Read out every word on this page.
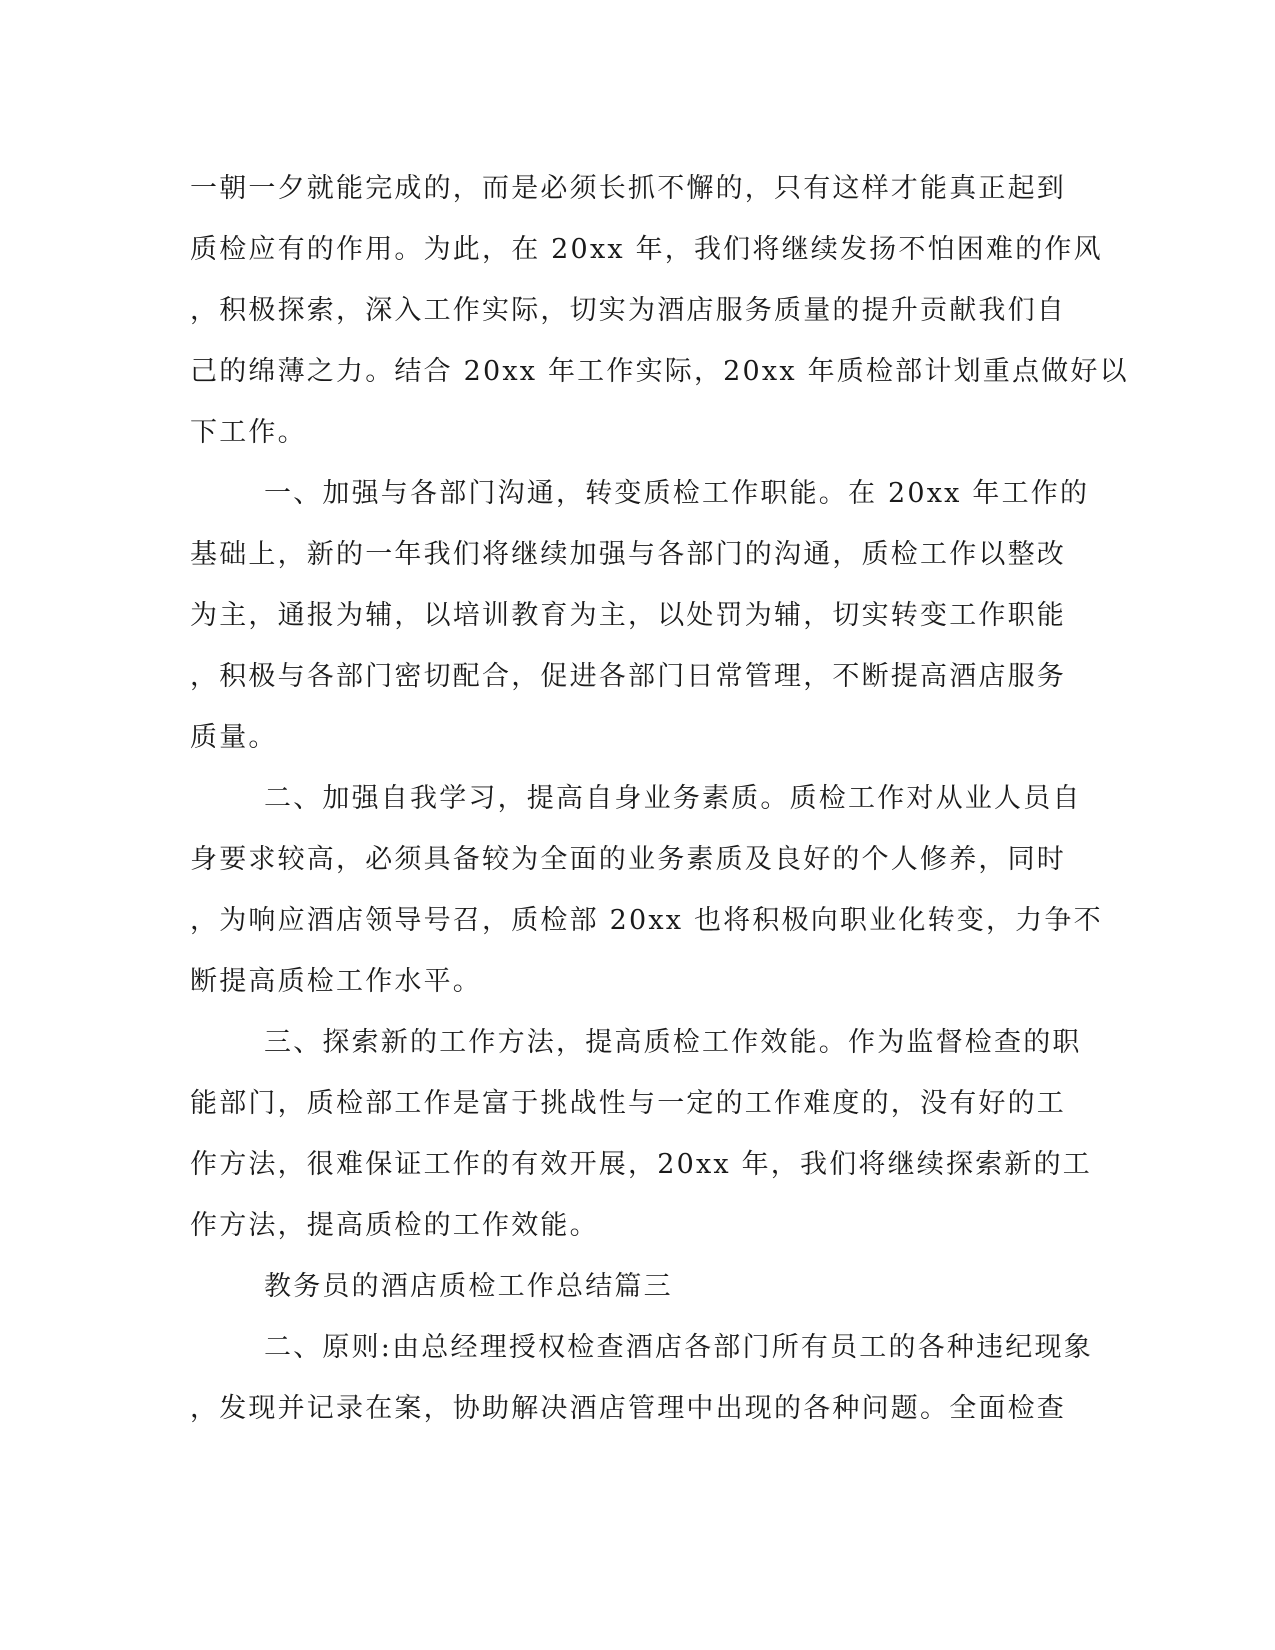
一朝一夕就能完成的，而是必须长抓不懈的，只有这样才能真正起到
质检应有的作用。为此，在 20xx 年，我们将继续发扬不怕困难的作风
，积极探索，深入工作实际，切实为酒店服务质量的提升贡献我们自
己的绵薄之力。结合 20xx 年工作实际，20xx 年质检部计划重点做好以
下工作。
一、加强与各部门沟通，转变质检工作职能。在 20xx 年工作的
基础上，新的一年我们将继续加强与各部门的沟通，质检工作以整改
为主，通报为辅，以培训教育为主，以处罚为辅，切实转变工作职能
，积极与各部门密切配合，促进各部门日常管理，不断提高酒店服务
质量。
二、加强自我学习，提高自身业务素质。质检工作对从业人员自
身要求较高，必须具备较为全面的业务素质及良好的个人修养，同时
，为响应酒店领导号召，质检部 20xx 也将积极向职业化转变，力争不
断提高质检工作水平。
三、探索新的工作方法，提高质检工作效能。作为监督检查的职
能部门，质检部工作是富于挑战性与一定的工作难度的，没有好的工
作方法，很难保证工作的有效开展，20xx 年，我们将继续探索新的工
作方法，提高质检的工作效能。
教务员的酒店质检工作总结篇三
二、原则:由总经理授权检查酒店各部门所有员工的各种违纪现象
，发现并记录在案，协助解决酒店管理中出现的各种问题。全面检查
